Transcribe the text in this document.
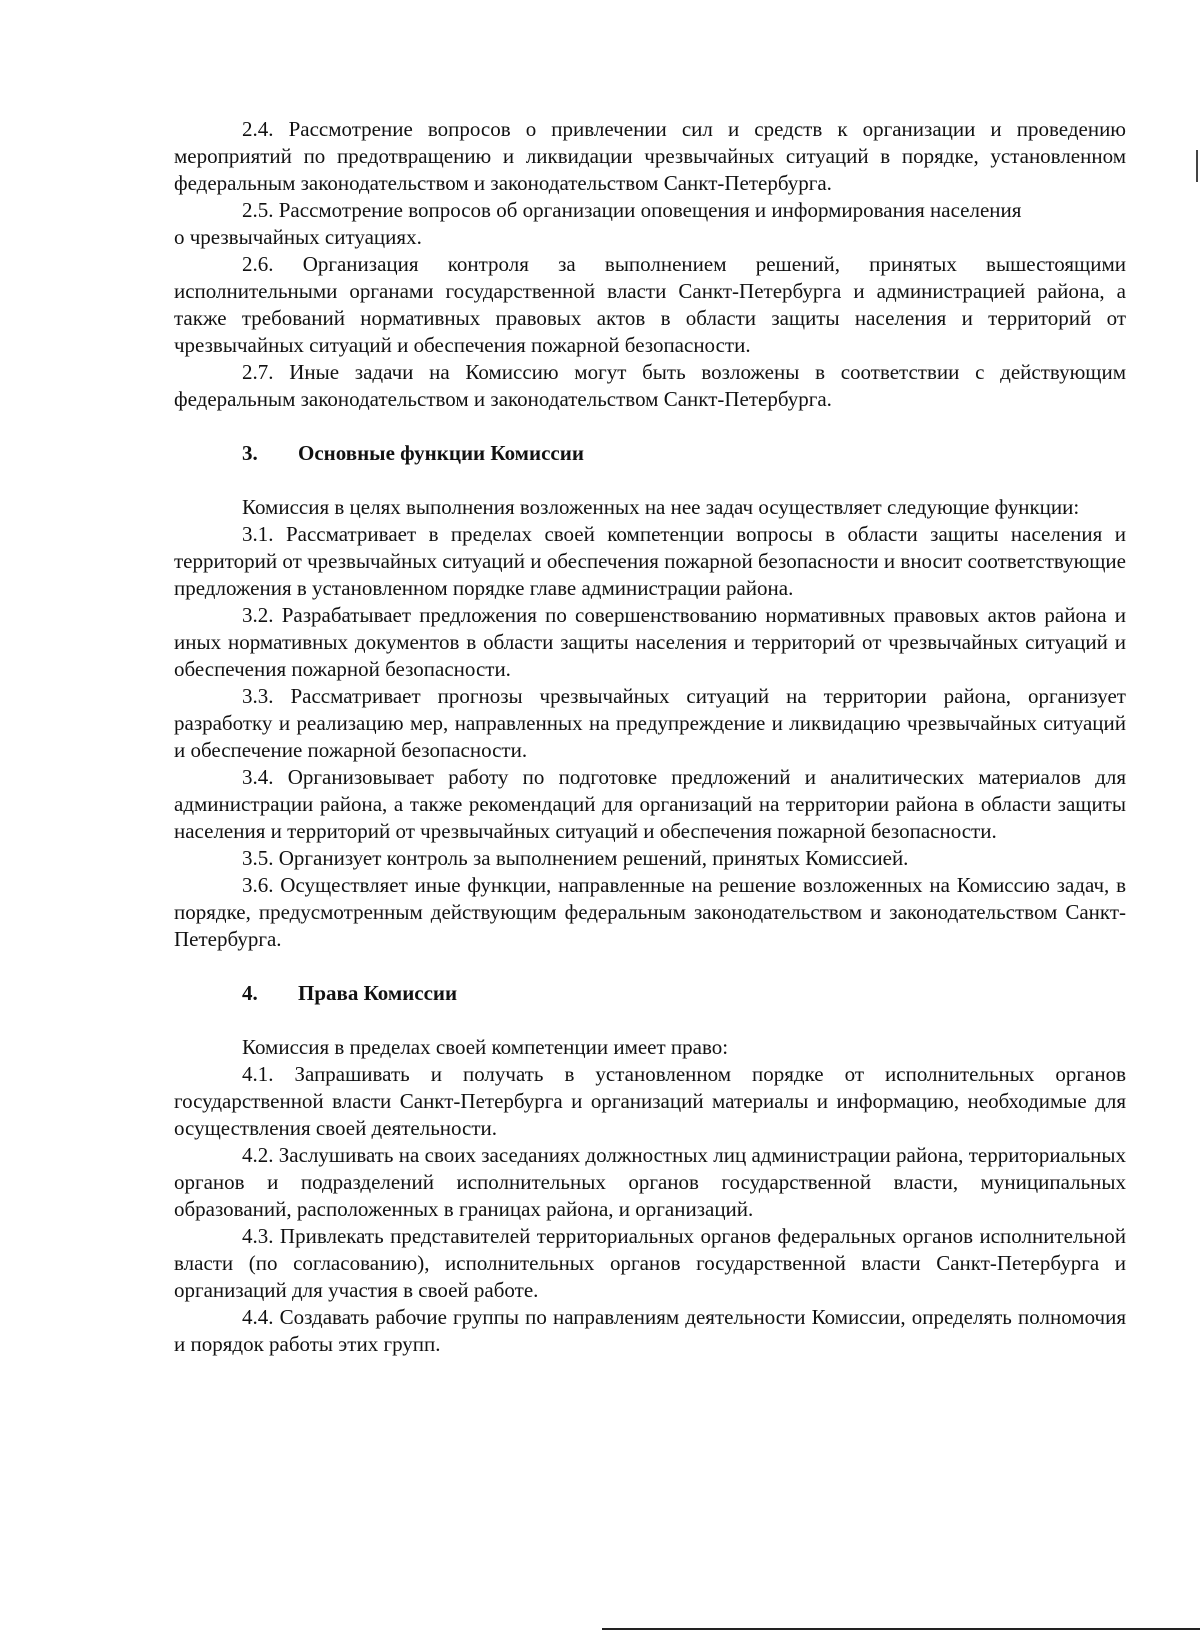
2.4. Рассмотрение вопросов о привлечении сил и средств к организации и проведению мероприятий по предотвращению и ликвидации чрезвычайных ситуаций в порядке, установленном федеральным законодательством и законодательством Санкт-Петербурга.

2.5. Рассмотрение вопросов об организации оповещения и информирования населения

о чрезвычайных ситуациях.

2.6. Организация контроля за выполнением решений, принятых вышестоящими исполнительными органами государственной власти Санкт-Петербурга и администрацией района, а также требований нормативных правовых актов в области защиты населения и территорий от чрезвычайных ситуаций и обеспечения пожарной безопасности.

2.7. Иные задачи на Комиссию могут быть возложены в соответствии с действующим федеральным законодательством и законодательством Санкт-Петербурга.

3. Основные функции Комиссии

Комиссия в целях выполнения возложенных на нее задач осуществляет следующие функции:

3.1. Рассматривает в пределах своей компетенции вопросы в области защиты населения и территорий от чрезвычайных ситуаций и обеспечения пожарной безопасности и вносит соответствующие предложения в установленном порядке главе администрации района.

3.2. Разрабатывает предложения по совершенствованию нормативных правовых актов района и иных нормативных документов в области защиты населения и территорий от чрезвычайных ситуаций и обеспечения пожарной безопасности.

3.3. Рассматривает прогнозы чрезвычайных ситуаций на территории района, организует разработку и реализацию мер, направленных на предупреждение и ликвидацию чрезвычайных ситуаций и обеспечение пожарной безопасности.

3.4. Организовывает работу по подготовке предложений и аналитических материалов для администрации района, а также рекомендаций для организаций на территории района в области защиты населения и территорий от чрезвычайных ситуаций и обеспечения пожарной безопасности.

3.5. Организует контроль за выполнением решений, принятых Комиссией.

3.6. Осуществляет иные функции, направленные на решение возложенных на Комиссию задач, в порядке, предусмотренным действующим федеральным законодательством и законодательством Санкт-Петербурга.

4. Права Комиссии

Комиссия в пределах своей компетенции имеет право:

4.1. Запрашивать и получать в установленном порядке от исполнительных органов государственной власти Санкт-Петербурга и организаций материалы и информацию, необходимые для осуществления своей деятельности.

4.2. Заслушивать на своих заседаниях должностных лиц администрации района, территориальных органов и подразделений исполнительных органов государственной власти, муниципальных образований, расположенных в границах района, и организаций.

4.3. Привлекать представителей территориальных органов федеральных органов исполнительной власти (по согласованию), исполнительных органов государственной власти Санкт-Петербурга и организаций для участия в своей работе.

4.4. Создавать рабочие группы по направлениям деятельности Комиссии, определять полномочия и порядок работы этих групп.
